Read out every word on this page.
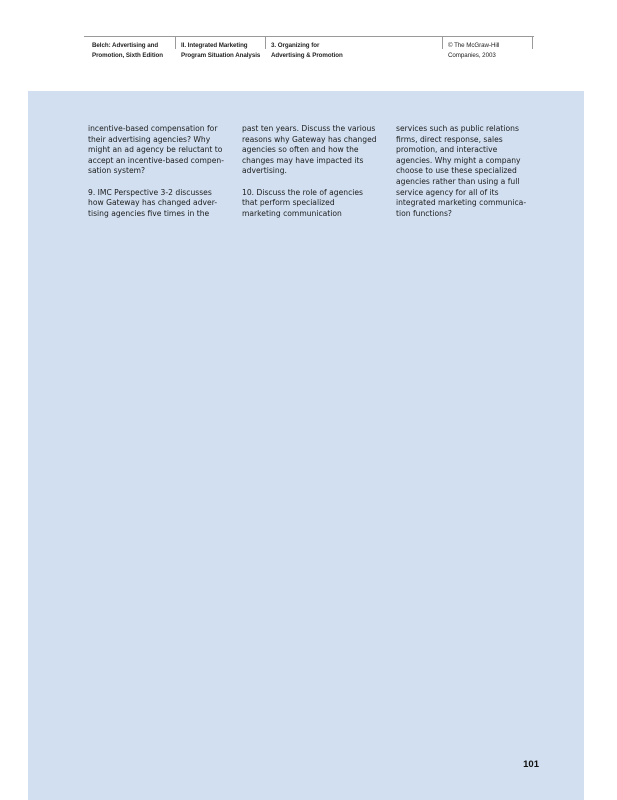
Belch: Advertising and
Promotion, Sixth Edition
II. Integrated Marketing
Program Situation Analysis
3. Organizing for
Advertising & Promotion
© The McGraw-Hill
Companies, 2003

incentive-based compensation for
their advertising agencies? Why
might an ad agency be reluctant to
accept an incentive-based compen-
sation system?

9. IMC Perspective 3-2 discusses
how Gateway has changed adver-
tising agencies five times in the

past ten years. Discuss the various
reasons why Gateway has changed
agencies so often and how the
changes may have impacted its
advertising.

10. Discuss the role of agencies
that perform specialized
marketing communication

services such as public relations
firms, direct response, sales
promotion, and interactive
agencies. Why might a company
choose to use these specialized
agencies rather than using a full
service agency for all of its
integrated marketing communica-
tion functions?

101
